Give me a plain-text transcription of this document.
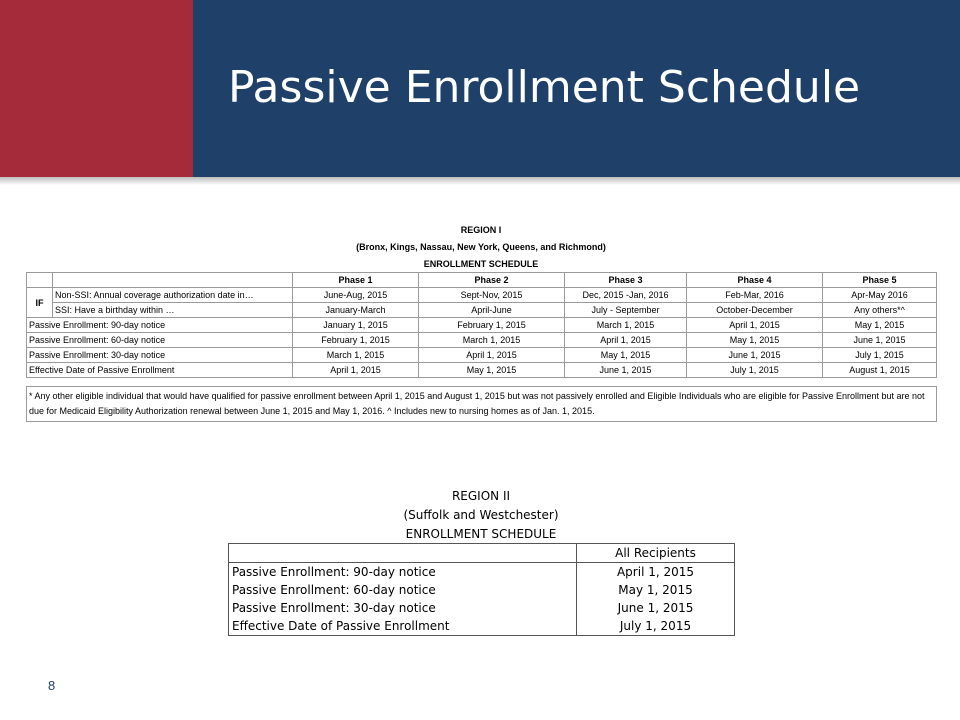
Passive Enrollment Schedule
REGION I
(Bronx, Kings, Nassau, New York, Queens, and Richmond)
ENROLLMENT SCHEDULE
		Phase 1	Phase 2	Phase 3	Phase 4	Phase 5
IF	Non-SSI: Annual coverage authorization date in…	June-Aug, 2015	Sept-Nov, 2015	Dec, 2015 -Jan, 2016	Feb-Mar, 2016	Apr-May 2016
	SSI: Have a birthday within …	January-March	April-June	July - September	October-December	Any others*^
Passive Enrollment: 90-day notice		January 1, 2015	February 1, 2015	March 1, 2015	April 1, 2015	May 1, 2015
Passive Enrollment: 60-day notice		February 1, 2015	March 1, 2015	April 1, 2015	May 1, 2015	June 1, 2015
Passive Enrollment: 30-day notice		March 1, 2015	April 1, 2015	May 1, 2015	June 1, 2015	July 1, 2015
Effective Date of Passive Enrollment		April 1, 2015	May 1, 2015	June 1, 2015	July 1, 2015	August 1, 2015

* Any other eligible individual that would have qualified for passive enrollment between April 1, 2015 and August 1, 2015 but was not passively enrolled and Eligible Individuals who are eligible for Passive Enrollment but are not due for Medicaid Eligibility Authorization renewal between June 1, 2015 and May 1, 2016. ^ Includes new to nursing homes as of Jan. 1, 2015.						
REGION II
(Suffolk and Westchester)
ENROLLMENT SCHEDULE
	All Recipients
Passive Enrollment: 90-day notice	April 1, 2015
Passive Enrollment: 60-day notice	May 1, 2015
Passive Enrollment: 30-day notice	June 1, 2015
Effective Date of Passive Enrollment	July 1, 2015
8
